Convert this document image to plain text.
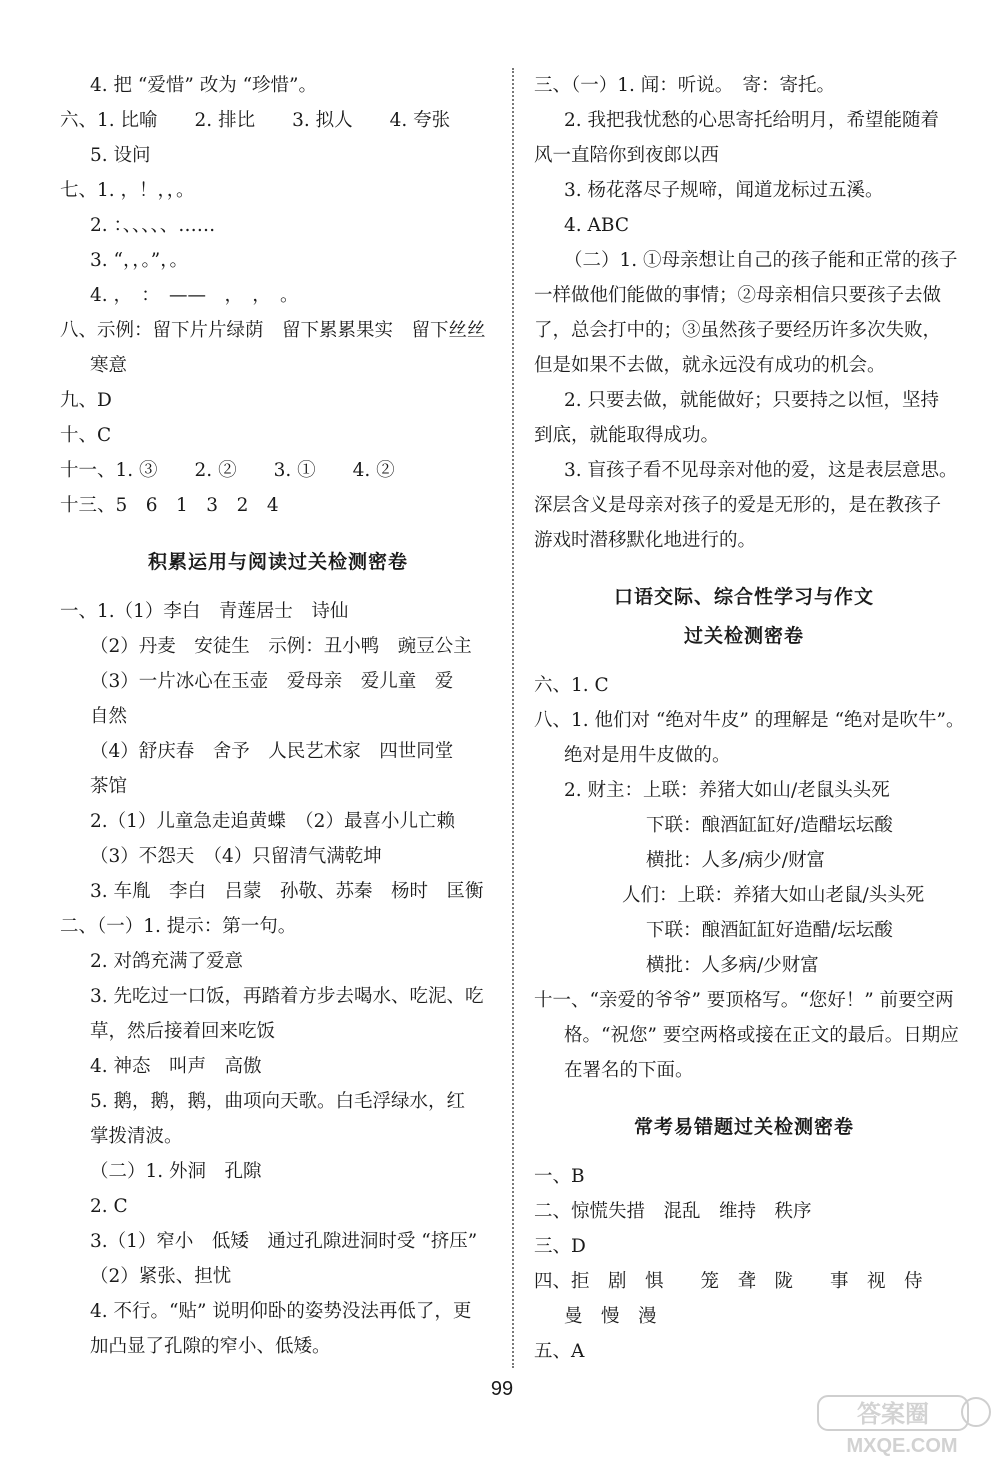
4. 把 “爱惜” 改为 “珍惜”。
六、1. 比喻　　2. 排比　　3. 拟人　　4. 夸张
5. 设问
七、1. ，！，，。
2. ：、、、、、……
3. “，，。”，。
4. ，　：　——　，　，　。
八、示例：留下片片绿荫　留下累累果实　留下丝丝
寒意
九、D
十、C
十一、1. ③　　2. ②　　3. ①　　4. ②
十三、5　6　1　3　2　4
积累运用与阅读过关检测密卷
一、1.（1）李白　青莲居士　诗仙
（2）丹麦　安徒生　示例：丑小鸭　豌豆公主
（3）一片冰心在玉壶　爱母亲　爱儿童　爱
自然
（4）舒庆春　舍予　人民艺术家　四世同堂
茶馆
2.（1）儿童急走追黄蝶　（2）最喜小儿亡赖
（3）不怨天　（4）只留清气满乾坤
3. 车胤　李白　吕蒙　孙敬、苏秦　杨时　匡衡
二、（一）1. 提示：第一句。
2. 对鸽充满了爱意
3. 先吃过一口饭，再踏着方步去喝水、吃泥、吃
草，然后接着回来吃饭
4. 神态　叫声　高傲
5. 鹅，鹅，鹅，曲项向天歌。白毛浮绿水，红
掌拨清波。
（二）1. 外洞　孔隙
2. C
3.（1）窄小　低矮　通过孔隙进洞时受 “挤压”
（2）紧张、担忧
4. 不行。“贴” 说明仰卧的姿势没法再低了，更
加凸显了孔隙的窄小、低矮。
三、（一）1. 闻：听说。　寄：寄托。
2. 我把我忧愁的心思寄托给明月，希望能随着
风一直陪你到夜郎以西
3. 杨花落尽子规啼，闻道龙标过五溪。
4. ABC
（二）1. ①母亲想让自己的孩子能和正常的孩子
一样做他们能做的事情；②母亲相信只要孩子去做
了，总会打中的；③虽然孩子要经历许多次失败，
但是如果不去做，就永远没有成功的机会。
2. 只要去做，就能做好；只要持之以恒，坚持
到底，就能取得成功。
3. 盲孩子看不见母亲对他的爱，这是表层意思。
深层含义是母亲对孩子的爱是无形的，是在教孩子
游戏时潜移默化地进行的。
口语交际、综合性学习与作文
过关检测密卷
六、1. C
八、1. 他们对 “绝对牛皮” 的理解是 “绝对是吹牛”。
绝对是用牛皮做的。
2. 财主：上联：养猪大如山/老鼠头头死
下联：酿酒缸缸好/造醋坛坛酸
横批：人多/病少/财富
人们：上联：养猪大如山老鼠/头头死
下联：酿酒缸缸好造醋/坛坛酸
横批：人多病/少财富
十一、“亲爱的爷爷” 要顶格写。“您好！” 前要空两
格。“祝您” 要空两格或接在正文的最后。日期应
在署名的下面。
常考易错题过关检测密卷
一、B
二、惊慌失措　混乱　维持　秩序
三、D
四、拒　剧　惧　　笼　聋　陇　　事　视　侍
曼　慢　漫
五、A
99
答案圈
MXQE.COM
